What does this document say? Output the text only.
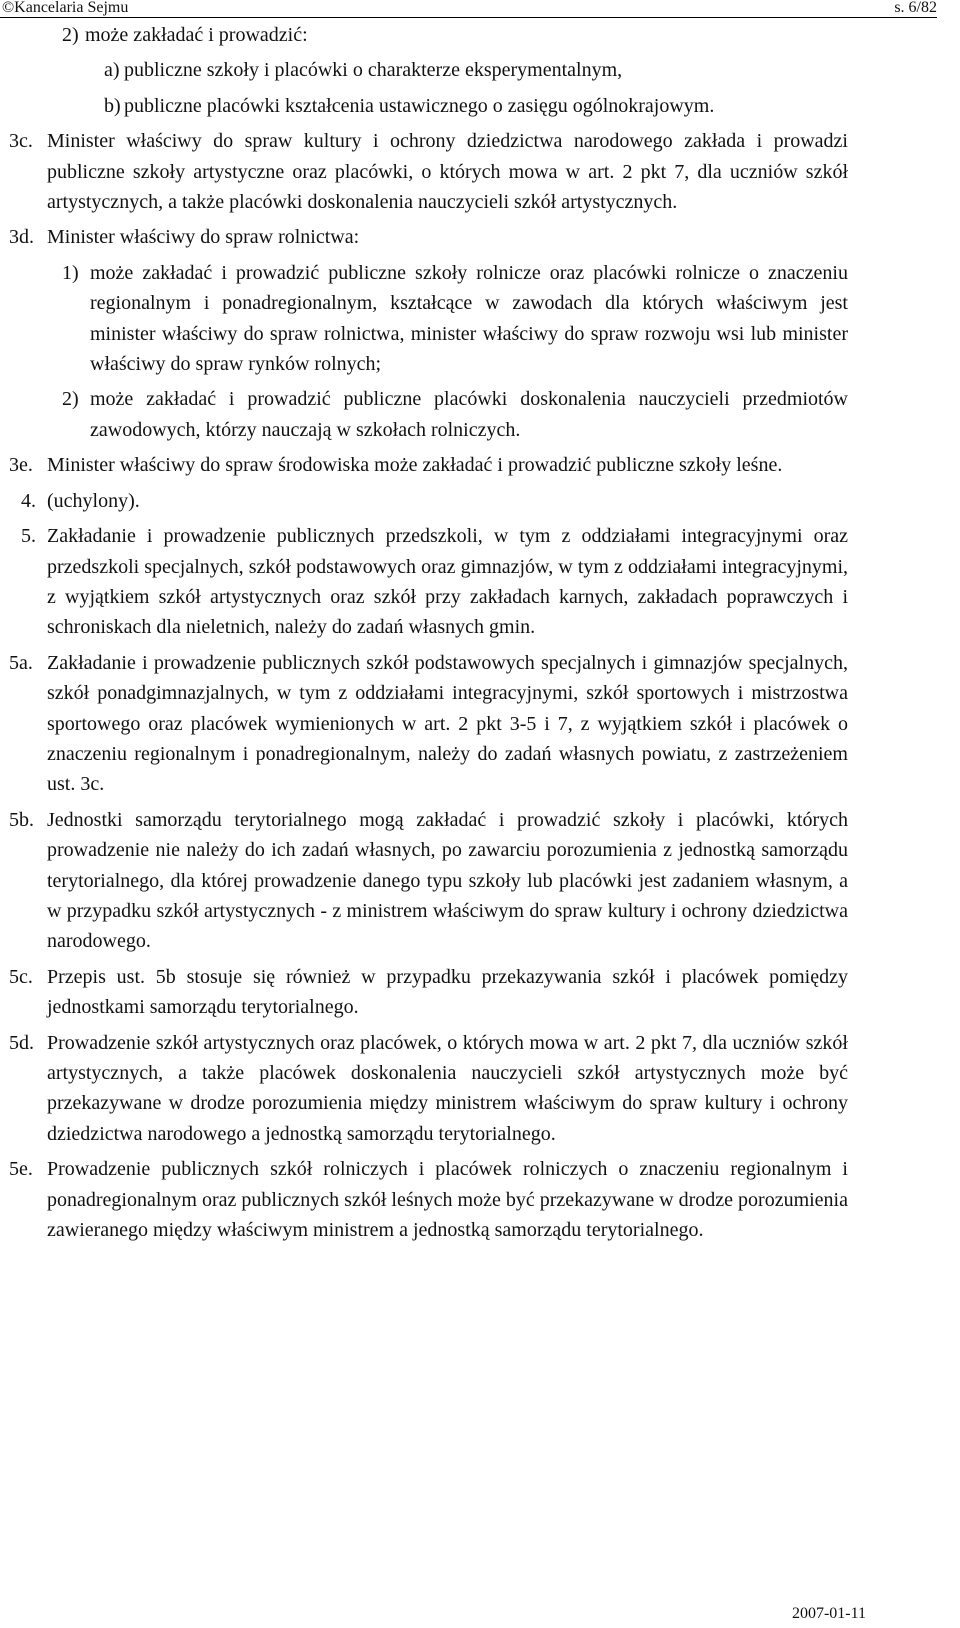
©Kancelaria Sejmu	s. 6/82
2) może zakładać i prowadzić:
a) publiczne szkoły i placówki o charakterze eksperymentalnym,
b) publiczne placówki kształcenia ustawicznego o zasięgu ogólnokrajowym.
3c. Minister właściwy do spraw kultury i ochrony dziedzictwa narodowego zakłada i prowadzi publiczne szkoły artystyczne oraz placówki, o których mowa w art. 2 pkt 7, dla uczniów szkół artystycznych, a także placówki doskonalenia nauczycieli szkół artystycznych.
3d. Minister właściwy do spraw rolnictwa:
1) może zakładać i prowadzić publiczne szkoły rolnicze oraz placówki rolnicze o znaczeniu regionalnym i ponadregionalnym, kształcące w zawodach dla których właściwym jest minister właściwy do spraw rolnictwa, minister właściwy do spraw rozwoju wsi lub minister właściwy do spraw rynków rolnych;
2) może zakładać i prowadzić publiczne placówki doskonalenia nauczycieli przedmiotów zawodowych, którzy nauczają w szkołach rolniczych.
3e. Minister właściwy do spraw środowiska może zakładać i prowadzić publiczne szkoły leśne.
4. (uchylony).
5. Zakładanie i prowadzenie publicznych przedszkoli, w tym z oddziałami integracyjnymi oraz przedszkoli specjalnych, szkół podstawowych oraz gimnazjów, w tym z oddziałami integracyjnymi, z wyjątkiem szkół artystycznych oraz szkół przy zakładach karnych, zakładach poprawczych i schroniskach dla nieletnich, należy do zadań własnych gmin.
5a. Zakładanie i prowadzenie publicznych szkół podstawowych specjalnych i gimnazjów specjalnych, szkół ponadgimnazjalnych, w tym z oddziałami integracyjnymi, szkół sportowych i mistrzostwa sportowego oraz placówek wymienionych w art. 2 pkt 3-5 i 7, z wyjątkiem szkół i placówek o znaczeniu regionalnym i ponadregionalnym, należy do zadań własnych powiatu, z zastrzeżeniem ust. 3c.
5b. Jednostki samorządu terytorialnego mogą zakładać i prowadzić szkoły i placówki, których prowadzenie nie należy do ich zadań własnych, po zawarciu porozumienia z jednostką samorządu terytorialnego, dla której prowadzenie danego typu szkoły lub placówki jest zadaniem własnym, a w przypadku szkół artystycznych - z ministrem właściwym do spraw kultury i ochrony dziedzictwa narodowego.
5c. Przepis ust. 5b stosuje się również w przypadku przekazywania szkół i placówek pomiędzy jednostkami samorządu terytorialnego.
5d. Prowadzenie szkół artystycznych oraz placówek, o których mowa w art. 2 pkt 7, dla uczniów szkół artystycznych, a także placówek doskonalenia nauczycieli szkół artystycznych może być przekazywane w drodze porozumienia między ministrem właściwym do spraw kultury i ochrony dziedzictwa narodowego a jednostką samorządu terytorialnego.
5e. Prowadzenie publicznych szkół rolniczych i placówek rolniczych o znaczeniu regionalnym i ponadregionalnym oraz publicznych szkół leśnych może być przekazywane w drodze porozumienia zawieranego między właściwym ministrem a jednostką samorządu terytorialnego.
2007-01-11
